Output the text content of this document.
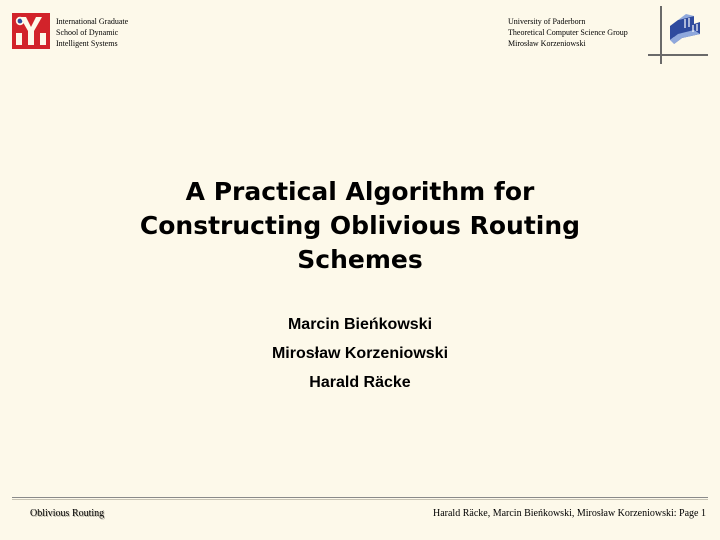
International Graduate
School of Dynamic
Intelligent Systems
University of Paderborn
Theoretical Computer Science Group
Mirosław Korzeniowski
A Practical Algorithm for
Constructing Oblivious Routing
Schemes
Marcin Bieńkowski
Mirosław Korzeniowski
Harald Räcke
Oblivious Routing	Harald Räcke, Marcin Bieńkowski, Mirosław Korzeniowski: Page 1
